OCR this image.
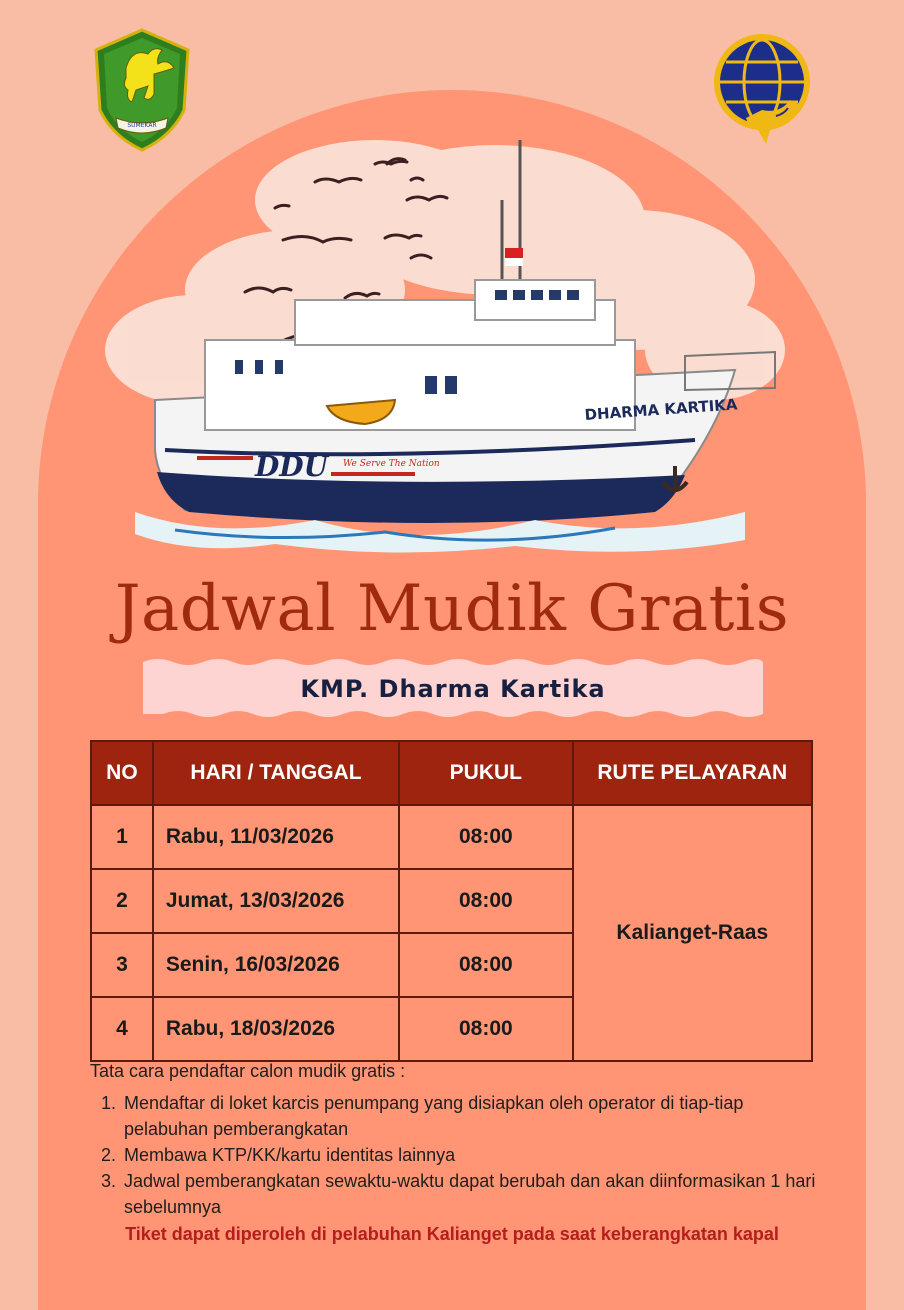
SUMEKAR
DHARMA KARTIKA
DDU We Serve The Nation
Jadwal Mudik Gratis
KMP. Dharma Kartika
NO	HARI / TANGGAL	PUKUL	RUTE PELAYARAN
1	Rabu, 11/03/2026	08:00	Kalianget-Raas
2	Jumat, 13/03/2026	08:00	
3	Senin, 16/03/2026	08:00	
4	Rabu, 18/03/2026	08:00	

Tata cara pendaftar calon mudik gratis :

1. Mendaftar di loket karcis penumpang yang disiapkan oleh operator di tiap-tiap pelabuhan pemberangkatan
2. Membawa KTP/KK/kartu identitas lainnya
3. Jadwal pemberangkatan sewaktu-waktu dapat berubah dan akan diinformasikan 1 hari sebelumnya
Tiket dapat diperoleh di pelabuhan Kalianget pada saat keberangkatan kapal
